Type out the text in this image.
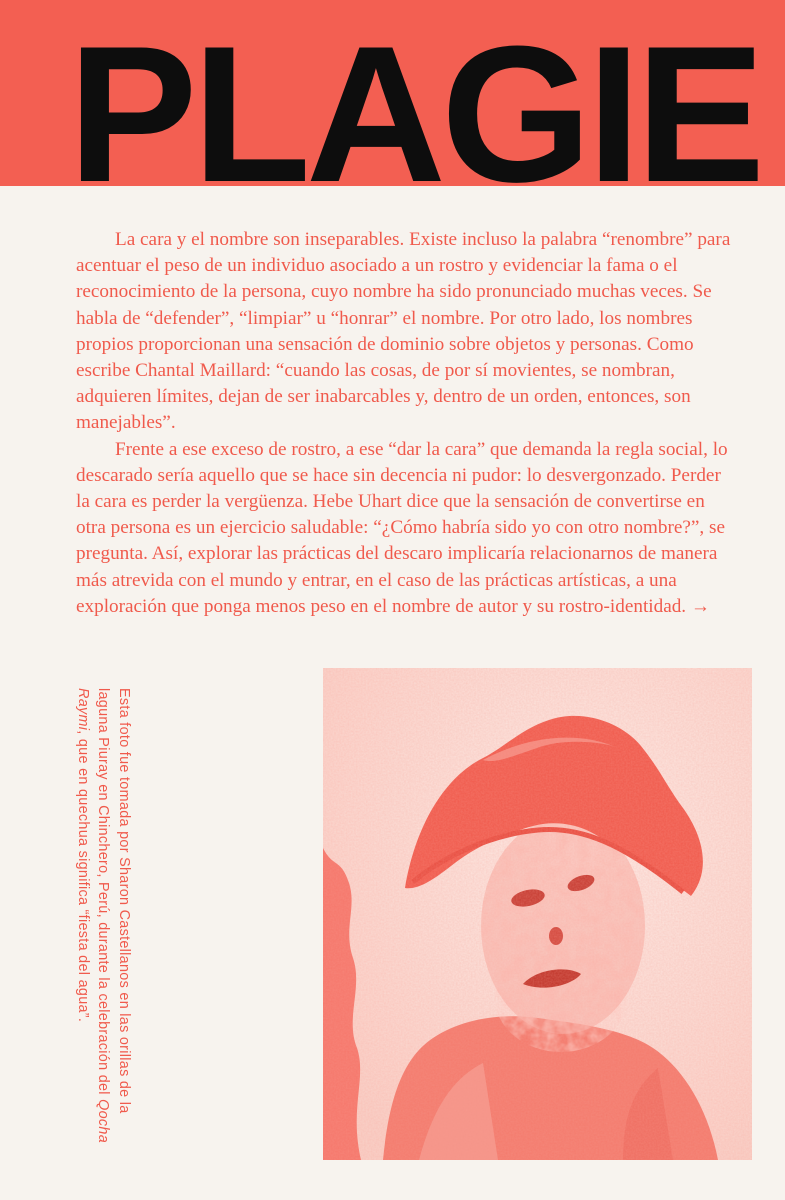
PLAGIE

La cara y el nombre son inseparables. Existe incluso la palabra “renombre” para acentuar el peso de un individuo asociado a un rostro y evidenciar la fama o el reconocimiento de la persona, cuyo nombre ha sido pronunciado muchas veces. Se habla de “defender”, “limpiar” u “honrar” el nombre. Por otro lado, los nombres propios proporcionan una sensación de dominio sobre objetos y personas. Como escribe Chantal Maillard: “cuando las cosas, de por sí movientes, se nombran, adquieren límites, dejan de ser inabarcables y, dentro de un orden, entonces, son manejables”.

Frente a ese exceso de rostro, a ese “dar la cara” que demanda la regla social, lo descarado sería aquello que se hace sin decencia ni pudor: lo desvergonzado. Perder la cara es perder la vergüenza. Hebe Uhart dice que la sensación de convertirse en otra persona es un ejercicio saludable: “¿Cómo habría sido yo con otro nombre?”, se pregunta. Así, explorar las prácticas del descaro implicaría relacionarnos de manera más atrevida con el mundo y entrar, en el caso de las prácticas artísticas, a una exploración que ponga menos peso en el nombre de autor y su rostro-identidad. →

Esta foto fue tomada por Sharon Castellanos en las orillas de la laguna Piuray en Chinchero, Perú, durante la celebración del Qocha Raymi, que en quechua significa “fiesta del agua”.
